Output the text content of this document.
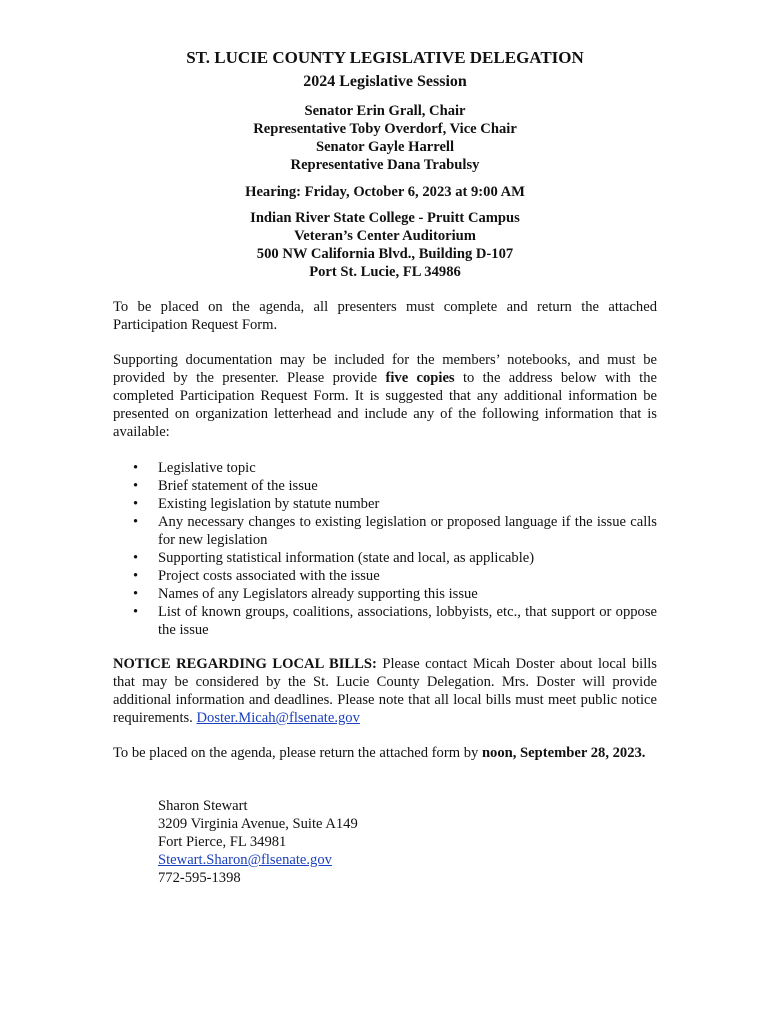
ST. LUCIE COUNTY LEGISLATIVE DELEGATION
2024 Legislative Session
Senator Erin Grall, Chair
Representative Toby Overdorf, Vice Chair
Senator Gayle Harrell
Representative Dana Trabulsy
Hearing: Friday, October 6, 2023 at 9:00 AM
Indian River State College - Pruitt Campus
Veteran’s Center Auditorium
500 NW California Blvd., Building D-107
Port St. Lucie, FL 34986
To be placed on the agenda, all presenters must complete and return the attached Participation Request Form.
Supporting documentation may be included for the members’ notebooks, and must be provided by the presenter. Please provide five copies to the address below with the completed Participation Request Form. It is suggested that any additional information be presented on organization letterhead and include any of the following information that is available:
• Legislative topic
• Brief statement of the issue
• Existing legislation by statute number
• Any necessary changes to existing legislation or proposed language if the issue calls for new legislation
• Supporting statistical information (state and local, as applicable)
• Project costs associated with the issue
• Names of any Legislators already supporting this issue
• List of known groups, coalitions, associations, lobbyists, etc., that support or oppose the issue
NOTICE REGARDING LOCAL BILLS: Please contact Micah Doster about local bills that may be considered by the St. Lucie County Delegation. Mrs. Doster will provide additional information and deadlines. Please note that all local bills must meet public notice requirements. Doster.Micah@flsenate.gov
To be placed on the agenda, please return the attached form by noon, September 28, 2023.
Sharon Stewart
3209 Virginia Avenue, Suite A149
Fort Pierce, FL 34981
Stewart.Sharon@flsenate.gov
772-595-1398
